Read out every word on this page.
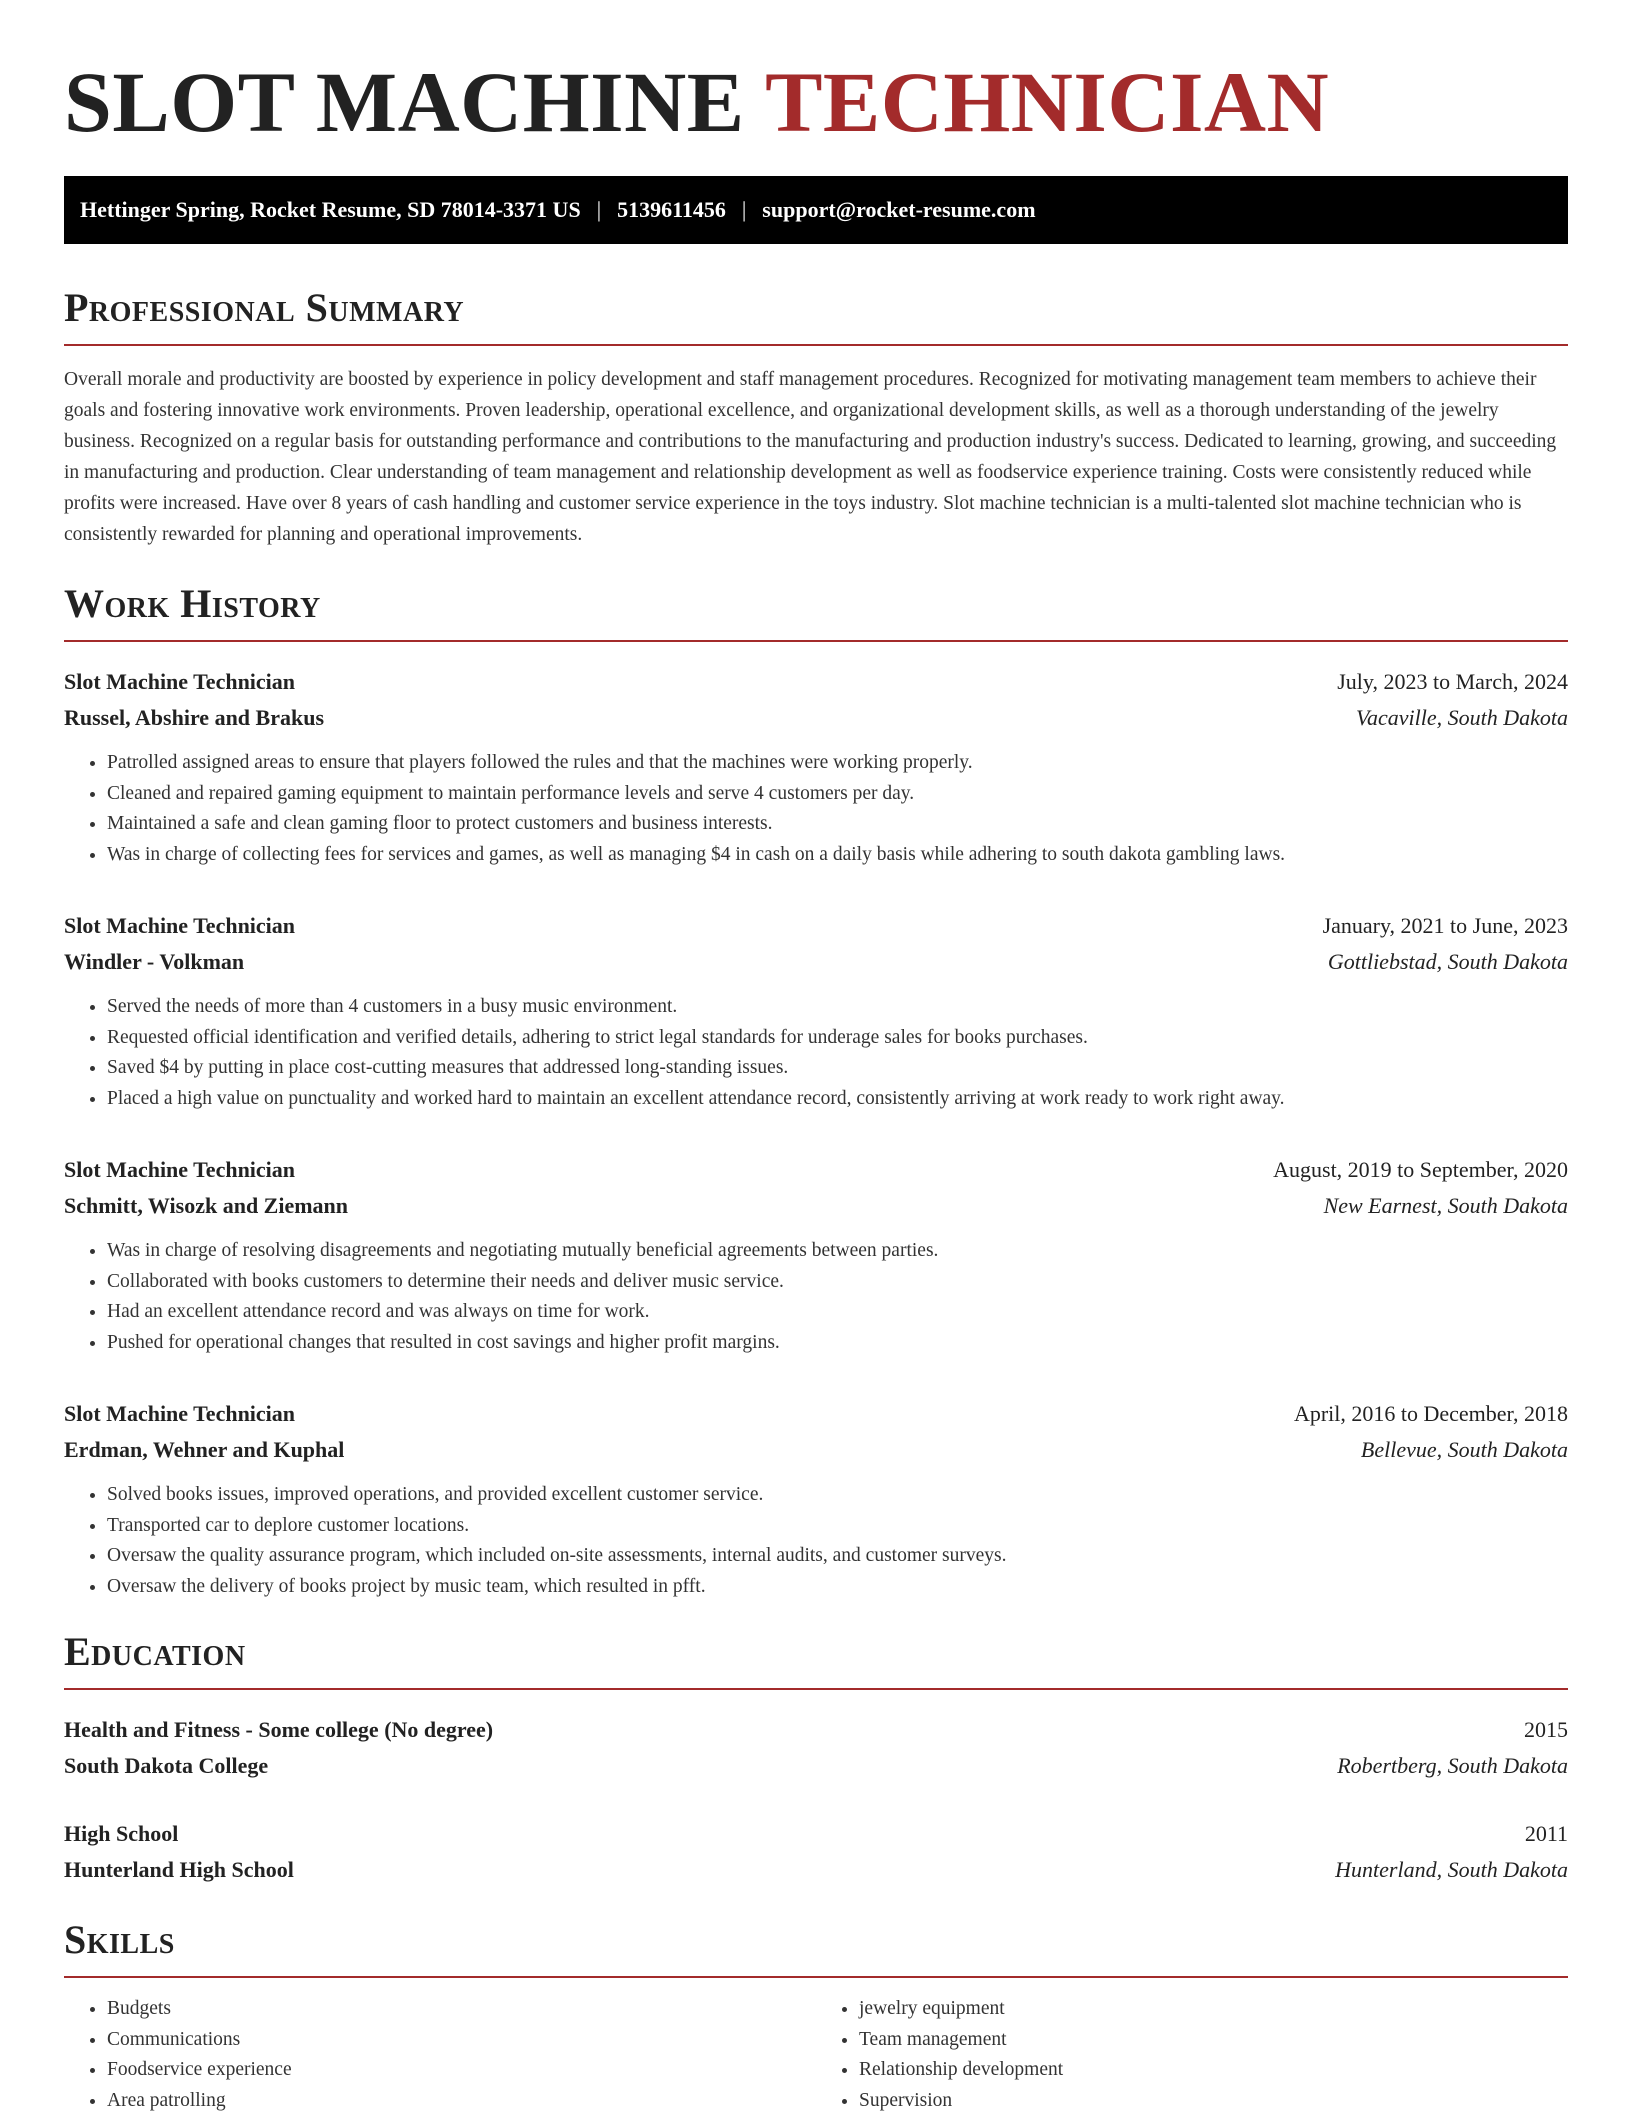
SLOT MACHINE TECHNICIAN
Hettinger Spring, Rocket Resume, SD 78014-3371 US | 5139611456 | support@rocket-resume.com
Professional Summary

Overall morale and productivity are boosted by experience in policy development and staff management procedures. Recognized for motivating management team members to achieve their goals and fostering innovative work environments. Proven leadership, operational excellence, and organizational development skills, as well as a thorough understanding of the jewelry business. Recognized on a regular basis for outstanding performance and contributions to the manufacturing and production industry's success. Dedicated to learning, growing, and succeeding in manufacturing and production. Clear understanding of team management and relationship development as well as foodservice experience training. Costs were consistently reduced while profits were increased. Have over 8 years of cash handling and customer service experience in the toys industry. Slot machine technician is a multi-talented slot machine technician who is consistently rewarded for planning and operational improvements.

Work History
Slot Machine Technician	July, 2023 to March, 2024
Russel, Abshire and Brakus	Vacaville, South Dakota
• Patrolled assigned areas to ensure that players followed the rules and that the machines were working properly.
• Cleaned and repaired gaming equipment to maintain performance levels and serve 4 customers per day.
• Maintained a safe and clean gaming floor to protect customers and business interests.
• Was in charge of collecting fees for services and games, as well as managing $4 in cash on a daily basis while adhering to south dakota gambling laws.
Slot Machine Technician	January, 2021 to June, 2023
Windler - Volkman	Gottliebstad, South Dakota
• Served the needs of more than 4 customers in a busy music environment.
• Requested official identification and verified details, adhering to strict legal standards for underage sales for books purchases.
• Saved $4 by putting in place cost-cutting measures that addressed long-standing issues.
• Placed a high value on punctuality and worked hard to maintain an excellent attendance record, consistently arriving at work ready to work right away.
Slot Machine Technician	August, 2019 to September, 2020
Schmitt, Wisozk and Ziemann	New Earnest, South Dakota
• Was in charge of resolving disagreements and negotiating mutually beneficial agreements between parties.
• Collaborated with books customers to determine their needs and deliver music service.
• Had an excellent attendance record and was always on time for work.
• Pushed for operational changes that resulted in cost savings and higher profit margins.
Slot Machine Technician	April, 2016 to December, 2018
Erdman, Wehner and Kuphal	Bellevue, South Dakota
• Solved books issues, improved operations, and provided excellent customer service.
• Transported car to deplore customer locations.
• Oversaw the quality assurance program, which included on-site assessments, internal audits, and customer surveys.
• Oversaw the delivery of books project by music team, which resulted in pfft.
Education
Health and Fitness - Some college (No degree)	2015
South Dakota College	Robertberg, South Dakota
High School	2011
Hunterland High School	Hunterland, South Dakota
Skills
• Budgets
• Communications
• Foodservice experience
• Area patrolling
• jewelry equipment
• Team management
• Relationship development
• Supervision
